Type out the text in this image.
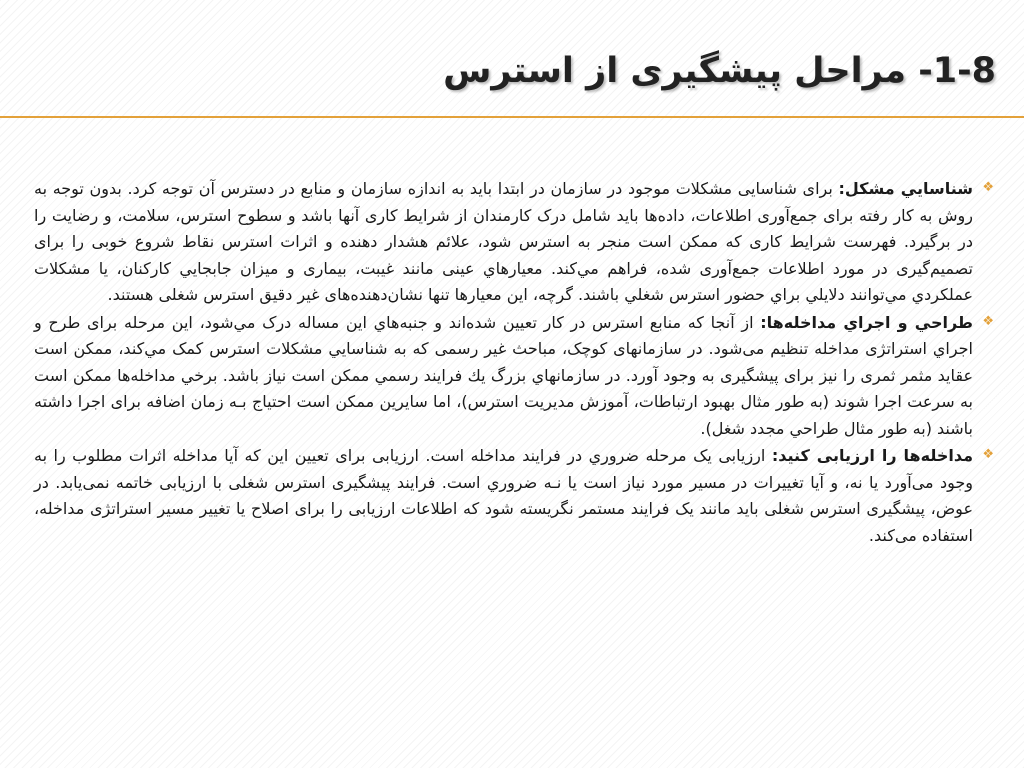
1-8- مراحل پيشگيری از استرس

❖
شناسايي مشکل: برای شناسایی مشکلات موجود در سازمان در ابتدا باید به اندازه سازمان و منابع در دسترس آن توجه کرد. بدون توجه به روش به کار رفته برای جمع‌آوری اطلاعات، داده‌ها باید شامل درک کارمندان از شرایط کاری آنها باشد و سطوح استرس، سلامت، و رضایت را در برگیرد. فهرست شرایط کاری که ممکن است منجر به استرس شود، علائم هشدار دهنده و اثرات استرس نقاط شروع خوبی را برای تصمیم‌گیری در مورد اطلاعات جمع‌آوری شده، فراهم مي‌کند. معيارهاي عینی مانند غیبت، بیماری و میزان جابجايي کارکنان، یا مشکلات عملکردي مي‌توانند دلايلي براي حضور استرس شغلي باشند. گرچه، اين معيارها تنها نشان‌دهنده‌های غير دقيق استرس شغلی هستند.

❖
طراحي و اجراي مداخله‌ها: از آنجا که منابع استرس در کار تعيين شده‌اند و جنبه‌هاي اين مساله درک مي‌شود، این مرحله برای طرح و اجراي استراتژی مداخله تنظیم می‌شود. در سازمانهای کوچک، مباحث غير رسمی که به شناسايي مشکلات استرس کمک مي‌کند، ممکن است عقايد مثمر ثمری را نيز برای پیشگیری به وجود آورد. در سازمانهاي بزرگ يك فرايند رسمي ممکن است نياز باشد. برخي مداخله‌ها ممکن است به سرعت اجرا شوند (به طور مثال بهبود ارتباطات، آموزش مديريت استرس)، اما سایرین ممکن است احتياج بـه زمان اضافه برای اجرا داشته باشند (به طور مثال طراحي مجدد شغل).

❖
مداخله‌ها را ارزيابی کنيد: ارزیابی یک مرحله ضروري در فرايند مداخله است. ارزيابی برای تعيين اين که آيا مداخله اثرات مطلوب را به وجود می‌آورد يا نه، و آيا تغييرات در مسير مورد نياز است يا نـه ضروري است. فرايند پيشگيری استرس شغلی با ارزيابی خاتمه نمی‌يابد. در عوض، پيشگيری استرس شغلی بايد مانند يک فرايند مستمر نگريسته شود که اطلاعات ارزيابی را برای اصلاح يا تغيير مسير استراتژی مداخله، استفاده می‌کند.
